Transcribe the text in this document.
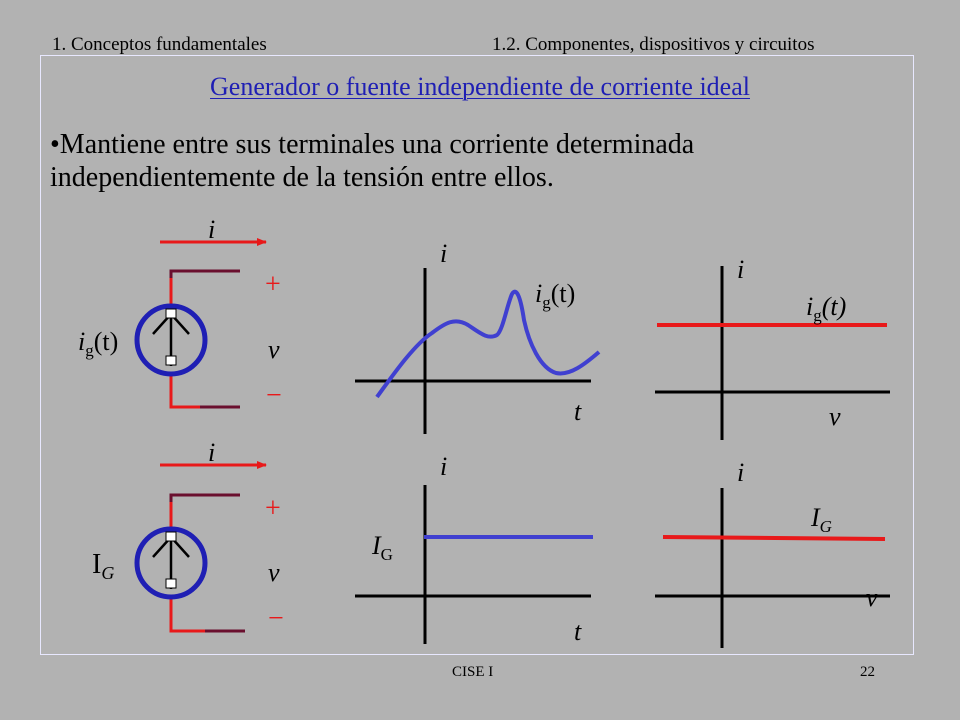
1. Conceptos fundamentales	1.2. Componentes, dispositivos y circuitos
Generador o fuente independiente de corriente ideal
•Mantiene entre sus terminales una corriente determinada independientemente de la tensión entre ellos.
i
$i_g(t)$
+
v
−
i
$I_G$
+
v
−
i
t
$i_g(t)$
i
v
$i_g(t)$
i
t
$I_G$
i
v
$I_G$
CISE I	22
